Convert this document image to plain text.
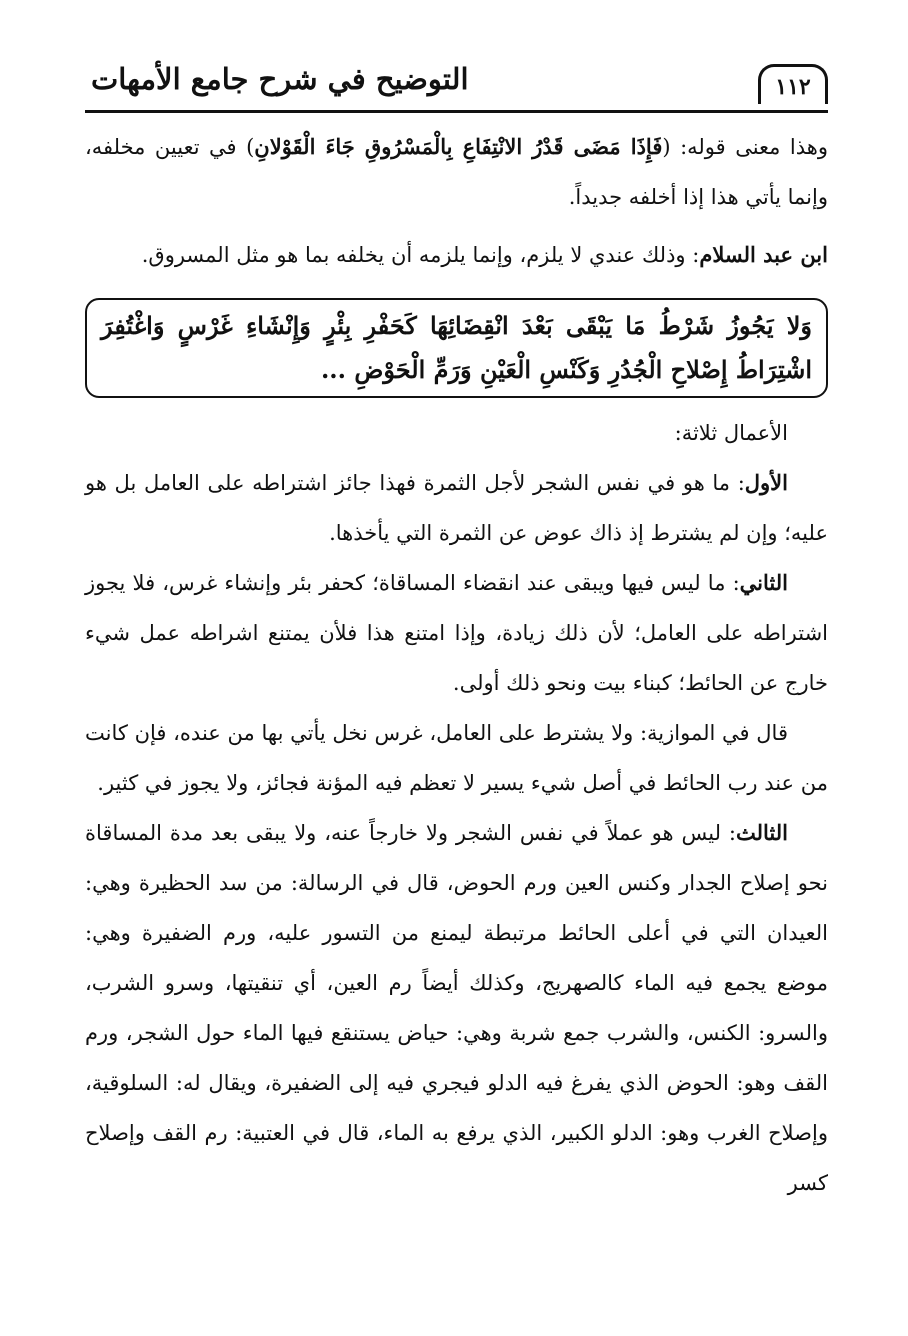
التوضيح في شرح جامع الأمهات	١١٢

وهذا معنى قوله: (فَإِذَا مَضَى قَدْرُ الانْتِفَاعِ بِالْمَسْرُوقِ جَاءَ الْقَوْلانِ) في تعيين مخلفه، وإنما يأتي هذا إذا أخلفه جديداً.

ابن عبد السلام: وذلك عندي لا يلزم، وإنما يلزمه أن يخلفه بما هو مثل المسروق.

وَلا يَجُوزُ شَرْطُ مَا يَبْقَى بَعْدَ انْقِضَائِهَا كَحَفْرِ بِئْرٍ وَإِنْشَاءِ غَرْسٍ وَاغْتُفِرَ اشْتِرَاطُ إِصْلاحِ الْجُدُرِ وَكَنْسِ الْعَيْنِ وَرَمِّ الْحَوْضِ ...

الأعمال ثلاثة:

الأول: ما هو في نفس الشجر لأجل الثمرة فهذا جائز اشتراطه على العامل بل هو عليه؛ وإن لم يشترط إذ ذاك عوض عن الثمرة التي يأخذها.

الثاني: ما ليس فيها ويبقى عند انقضاء المساقاة؛ كحفر بئر وإنشاء غرس، فلا يجوز اشتراطه على العامل؛ لأن ذلك زيادة، وإذا امتنع هذا فلأن يمتنع اشراطه عمل شيء خارج عن الحائط؛ كبناء بيت ونحو ذلك أولى.

قال في الموازية: ولا يشترط على العامل، غرس نخل يأتي بها من عنده، فإن كانت من عند رب الحائط في أصل شيء يسير لا تعظم فيه المؤنة فجائز، ولا يجوز في كثير.

الثالث: ليس هو عملاً في نفس الشجر ولا خارجاً عنه، ولا يبقى بعد مدة المساقاة نحو إصلاح الجدار وكنس العين ورم الحوض، قال في الرسالة: من سد الحظيرة وهي: العيدان التي في أعلى الحائط مرتبطة ليمنع من التسور عليه، ورم الضفيرة وهي: موضع يجمع فيه الماء كالصهريج، وكذلك أيضاً رم العين، أي تنقيتها، وسرو الشرب، والسرو: الكنس، والشرب جمع شربة وهي: حياض يستنقع فيها الماء حول الشجر، ورم القف وهو: الحوض الذي يفرغ فيه الدلو فيجري فيه إلى الضفيرة، ويقال له: السلوقية، وإصلاح الغرب وهو: الدلو الكبير، الذي يرفع به الماء، قال في العتبية: رم القف وإصلاح كسر
